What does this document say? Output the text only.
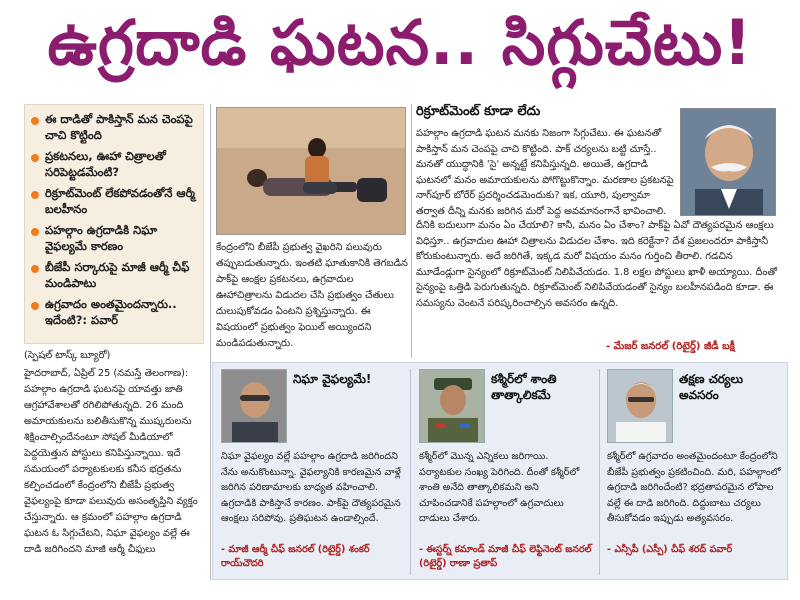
ఉగ్రదాడి ఘటన.. సిగ్గుచేటు!
ఈ దాడితో పాకిస్తాన్ మన చెంపపై చాచి కొట్టింది
ప్రకటనలు, ఊహా చిత్రాలతో సరిపెట్టడమేంటి?
రిక్రూట్‌మెంట్ లేకపోవడంతోనే ఆర్మీ బలహీనం
పహల్గాం ఉగ్రదాడికి నిఘా వైఫల్యమే కారణం
బీజేపీ సర్కారుపై మాజీ ఆర్మీ చీఫ్ మండిపాటు
ఉగ్రవాదం అంతమైందన్నారు.. ఇదేంటి?: పవార్
(స్పెషల్ టాస్క్ బ్యూరో)
హైదరాబాద్, ఏప్రిల్ 25 (నమస్తే తెలంగాణ): పహల్గాం ఉగ్రదాడి ఘటనపై యావత్తు జాతి ఆగ్రహావేశాలతో రగిలిపోతున్నది. 26 మంది అమాయకులను బలితీసుకొన్న ముష్కరులను శిక్షించాల్సిందేనంటూ సోషల్ మీడియాలో పెద్దయెత్తున పోస్టులు కనిపిస్తున్నాయి. ఇదే సమయంలో పర్యాటకులకు కనీస భద్రతను కల్పించడంలో కేంద్రంలోని బీజేపీ ప్రభుత్వ వైఫల్యంపై కూడా పలువురు అసంతృప్తిని వ్యక్తం చేస్తున్నారు. ఆ క్రమంలో పహల్గాం ఉగ్రదాడి ఘటన ఓ సిగ్గుచేటని, నిఘా వైఫల్యం వల్లే ఈ దాడి జరిగిందని మాజీ ఆర్మీ చీఫులు
కేంద్రంలోని బీజేపీ ప్రభుత్వ వైఖరిని పలువురు తప్పుబడుతున్నారు. ఇంతటి ఘాతుకానికి తెగబడిన పాక్‌పై ఆంక్షల ప్రకటనలు, ఉగ్రవాదుల ఊహాచిత్రాలను విడుదల చేసి ప్రభుత్వం చేతులు దులుపుకోవడం ఏంటని ప్రశ్నిస్తున్నారు. ఈ విషయంలో ప్రభుత్వం ఫెయిల్ అయ్యిందని మండిపడుతున్నారు.
రిక్రూట్‌మెంట్ కూడా లేదు
పహల్గాం ఉగ్రదాడి ఘటన మనకు నిజంగా సిగ్గుచేటు. ఈ ఘటనతో పాకిస్తాన్ మన చెంపపై చాచి కొట్టింది. పాక్ చర్యలను బట్టి చూస్తే.. మనతో యుద్ధానికి 'సై' అన్నట్టే కనిపిస్తున్నది. అయితే, ఉగ్రదాడి ఘటనలో మనం అమాయకులను పోగొట్టుకొన్నాం. మరణాల ప్రకటనపై నాగ్‌పూర్‌ బోరేర్ ప్రదర్శించడమెందుకు? ఇక, యూరి, పుల్వామా తర్వాత దీన్ని మనకు జరిగిన మరో పెద్ద అవమానంగానే భావించాలి.
దీనికి బదులుగా మనం ఏం చేయాలి? కానీ, మనం ఏం చేశాం? పాక్‌పై ఏవో దౌత్యపరమైన ఆంక్షలు విధిస్తూ.. ఉగ్రవాదుల ఊహా చిత్రాలను విడుదల చేశాం. ఇది కరెక్టేనా? దేశ ప్రజలందరూ పాకిస్తానీ కోరుకుంటున్నారు. అదే జరిగితే, ఇక్కడ మరో విషయం మనం గుర్తించి తీరాలి. గడచిన మూడేండ్లుగా సైన్యంలో రిక్రూట్‌మెంట్ నిలిపివేయడం. 1.8 లక్షల పోస్టులు ఖాళీ అయ్యాయి. దీంతో సైన్యంపై ఒత్తిడి పెరుగుతున్నది. రిక్రూట్‌మెంట్ నిలిపివేయడంతో సైన్యం బలహీనపడింది కూడా. ఈ సమస్యను వెంటనే పరిష్కరించాల్సిన అవసరం ఉన్నది.
- మేజర్ జనరల్ (రిటైర్డ్) జీడీ బక్షీ
నిఘా వైఫల్యమే!
నిఘా వైఫల్యం వల్లే పహల్గాం ఉగ్రదాడి జరిగిందని నేను అనుకొంటున్నా. వైఫల్యానికి కారణమైన వాళ్లే జరిగిన పరిణామాలకు బాధ్యత వహించాలి. ఉగ్రదాడికి పాకిస్తానే కారణం. పాక్‌పై దౌత్యపరమైన ఆంక్షలు సరిపోవు. ప్రతిఘటన ఉండాల్సిందే.
- మాజీ ఆర్మీ చీఫ్ జనరల్ (రిటైర్డ్) శంకర్ రాయ్‌చౌదరి
కశ్మీర్‌లో శాంతి తాత్కాలికమే
కశ్మీర్‌లో మొన్న ఎన్నికలు జరిగాయి. పర్యాటకుల సంఖ్య పెరిగింది. దీంతో కశ్మీర్‌లో శాంతి అనేది తాత్కాలికమని అని చూపించడానికే పహల్గాంలో ఉగ్రవాదులు దాడులు చేశారు.
- ఈస్టర్న్ కమాండ్ మాజీ చీఫ్ లెఫ్టినెంట్ జనరల్ (రిటైర్డ్) రాణా ప్రతాప్
తక్షణ చర్యలు అవసరం
కశ్మీర్‌లో ఉగ్రవాదం అంతమైందంటూ కేంద్రంలోని బీజేపీ ప్రభుత్వం ప్రకటించింది. మరి, పహల్గాంలో ఉగ్రదాడి జరిగిందేంటి? భద్రతాపరమైన లోపాల వల్లే ఈ దాడి జరిగింది. దిద్దుబాటు చర్యలు తీసుకోవడం ఇప్పుడు అత్యవసరం.
- ఎన్సీపీ (ఎస్పీ) చీఫ్ శరద్ పవార్
